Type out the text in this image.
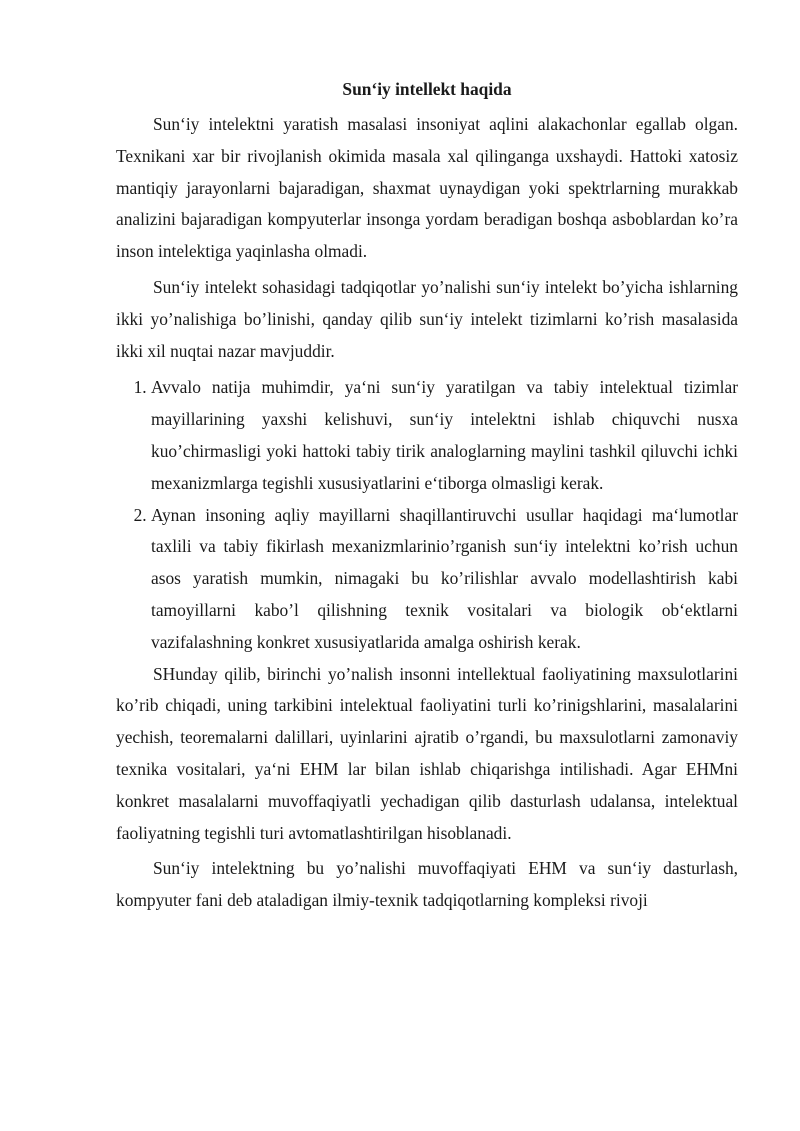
Sun‘iy intellekt haqida

Sun‘iy intelektni yaratish masalasi insoniyat aqlini alakachonlar egallab olgan. Texnikani xar bir rivojlanish okimida masala xal qilinganga uxshaydi. Hattoki xatosiz mantiqiy jarayonlarni bajaradigan, shaxmat uynaydigan yoki spektrlarning murakkab analizini bajaradigan kompyuterlar insonga yordam beradigan boshqa asboblardan ko’ra inson intelektiga yaqinlasha olmadi.

Sun‘iy intelekt sohasidagi tadqiqotlar yo’nalishi sun‘iy intelekt bo’yicha ishlarning ikki yo’nalishiga bo’linishi, qanday qilib sun‘iy intelekt tizimlarni ko’rish masalasida ikki xil nuqtai nazar mavjuddir.

1. Avvalo natija muhimdir, ya‘ni sun‘iy yaratilgan va tabiy intelektual tizimlar mayillarining yaxshi kelishuvi, sun‘iy intelektni ishlab chiquvchi nusxa kuo’chirmasligi yoki hattoki tabiy tirik analoglarning maylini tashkil qiluvchi ichki mexanizmlarga tegishli xususiyatlarini e‘tiborga olmasligi kerak.
2. Aynan insoning aqliy mayillarni shaqillantiruvchi usullar haqidagi ma‘lumotlar taxlili va tabiy fikirlash mexanizmlarinio’rganish sun‘iy intelektni ko’rish uchun asos yaratish mumkin, nimagaki bu ko’rilishlar avvalo modellashtirish kabi tamoyillarni kabo’l qilishning texnik vositalari va biologik ob‘ektlarni vazifalashning konkret xususiyatlarida amalga oshirish kerak.

SHunday qilib, birinchi yo’nalish insonni intellektual faoliyatining maxsulotlarini ko’rib chiqadi, uning tarkibini intelektual faoliyatini turli ko’rinigshlarini, masalalarini yechish, teoremalarni dalillari, uyinlarini ajratib o’rgandi, bu maxsulotlarni zamonaviy texnika vositalari, ya‘ni EHM lar bilan ishlab chiqarishga intilishadi. Agar EHMni konkret masalalarni muvoffaqiyatli yechadigan qilib dasturlash udalansa, intelektual faoliyatning tegishli turi avtomatlashtirilgan hisoblanadi.

Sun‘iy intelektning bu yo’nalishi muvoffaqiyati EHM va sun‘iy dasturlash, kompyuter fani deb ataladigan ilmiy-texnik tadqiqotlarning kompleksi rivoji
